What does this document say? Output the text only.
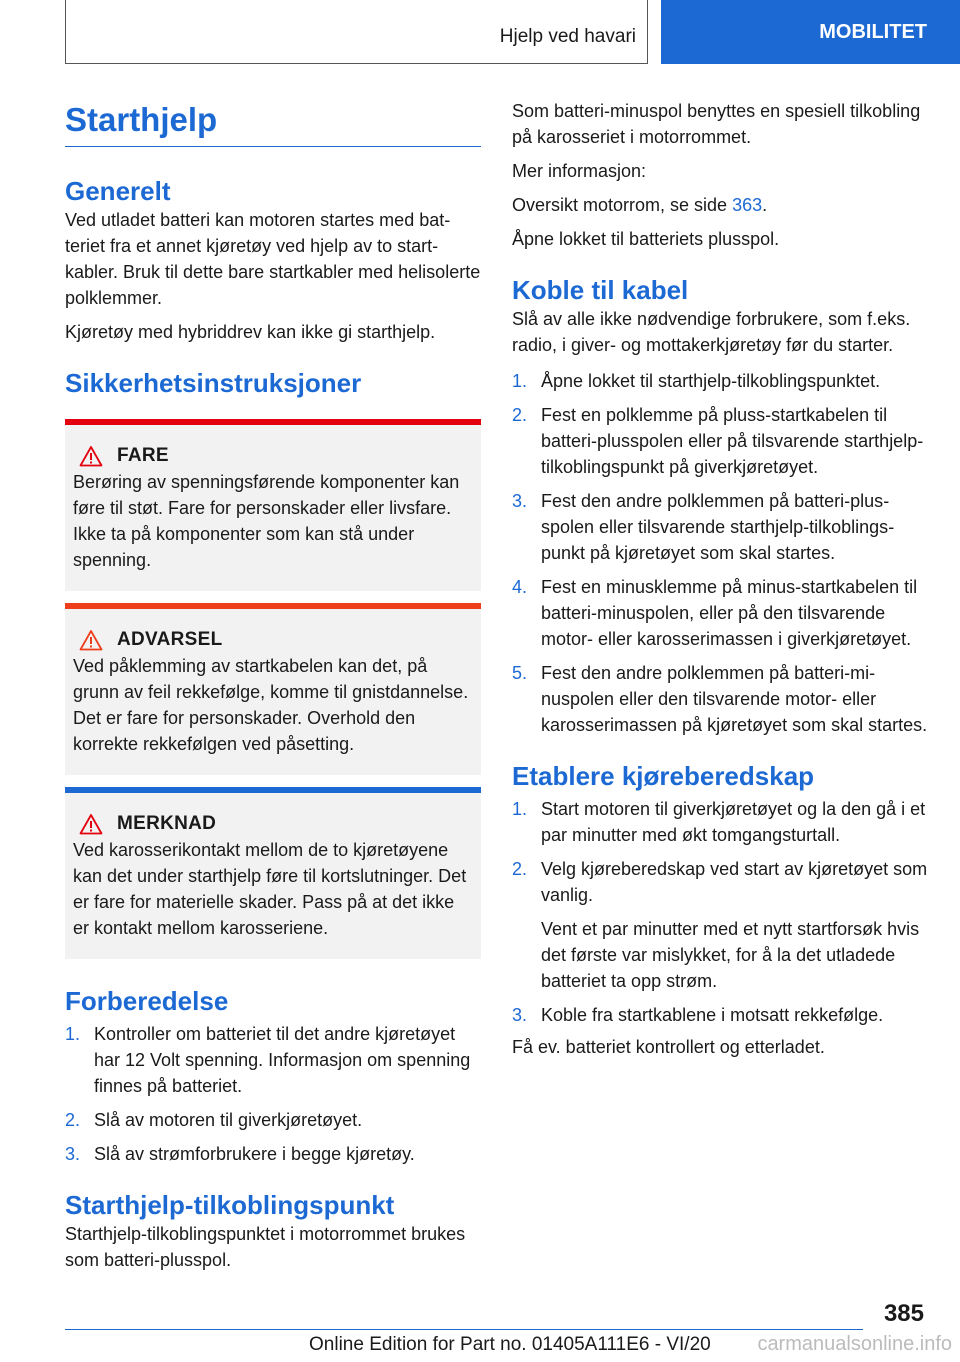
Hjelp ved havari	MOBILITET
Starthjelp
Generelt

Ved utladet batteri kan motoren startes med batteriet fra et annet kjøretøy ved hjelp av to startkabler. Bruk til dette bare startkabler med helisolerte polklemmer.

Kjøretøy med hybriddrev kan ikke gi starthjelp.

Sikkerhetsinstruksjoner
FARE

Berøring av spenningsførende komponenter kan føre til støt. Fare for personskader eller livsfare. Ikke ta på komponenter som kan stå under spenning.

ADVARSEL

Ved påklemming av startkabelen kan det, på grunn av feil rekkefølge, komme til gnistdannelse. Det er fare for personskader. Overhold den korrekte rekkefølgen ved påsetting.

MERKNAD

Ved karosserikontakt mellom de to kjøretøyene kan det under starthjelp føre til kortslutninger. Det er fare for materielle skader. Pass på at det ikke er kontakt mellom karosseriene.

Forberedelse
1. Kontroller om batteriet til det andre kjøretøyet har 12 Volt spenning. Informasjon om spenning finnes på batteriet.
2. Slå av motoren til giverkjøretøyet.
3. Slå av strømforbrukere i begge kjøretøy.
Starthjelp-tilkoblingspunkt

Starthjelp-tilkoblingspunktet i motorrommet brukes som batteri-plusspol.

Som batteri-minuspol benyttes en spesiell tilkobling på karosseriet i motorrommet.

Mer informasjon:

Oversikt motorrom, se side 363.

Åpne lokket til batteriets plusspol.

Koble til kabel

Slå av alle ikke nødvendige forbrukere, som f.eks. radio, i giver- og mottakerkjøretøy før du starter.

1. Åpne lokket til starthjelp-tilkoblingspunktet.
2. Fest en polklemme på pluss-startkabelen til batteri-plusspolen eller på tilsvarende starthjelp-tilkoblingspunkt på giverkjøretøyet.
3. Fest den andre polklemmen på batteri-plusspolen eller tilsvarende starthjelp-tilkoblingspunkt på kjøretøyet som skal startes.
4. Fest en minusklemme på minus-startkabelen til batteri-minuspolen, eller på den tilsvarende motor- eller karosserimassen i giverkjøretøyet.
5. Fest den andre polklemmen på batteri-minuspolen eller den tilsvarende motor- eller karosserimassen på kjøretøyet som skal startes.
Etablere kjøreberedskap
1. Start motoren til giverkjøretøyet og la den gå i et par minutter med økt tomgangsturtall.
2. Velg kjøreberedskap ved start av kjøretøyet som vanlig.
Vent et par minutter med et nytt startforsøk hvis det første var mislykket, for å la det utladede batteriet ta opp strøm.
3. Koble fra startkablene i motsatt rekkefølge.

Få ev. batteriet kontrollert og etterladet.

385
Online Edition for Part no. 01405A111E6 - VI/20 carmanualsonline.info
